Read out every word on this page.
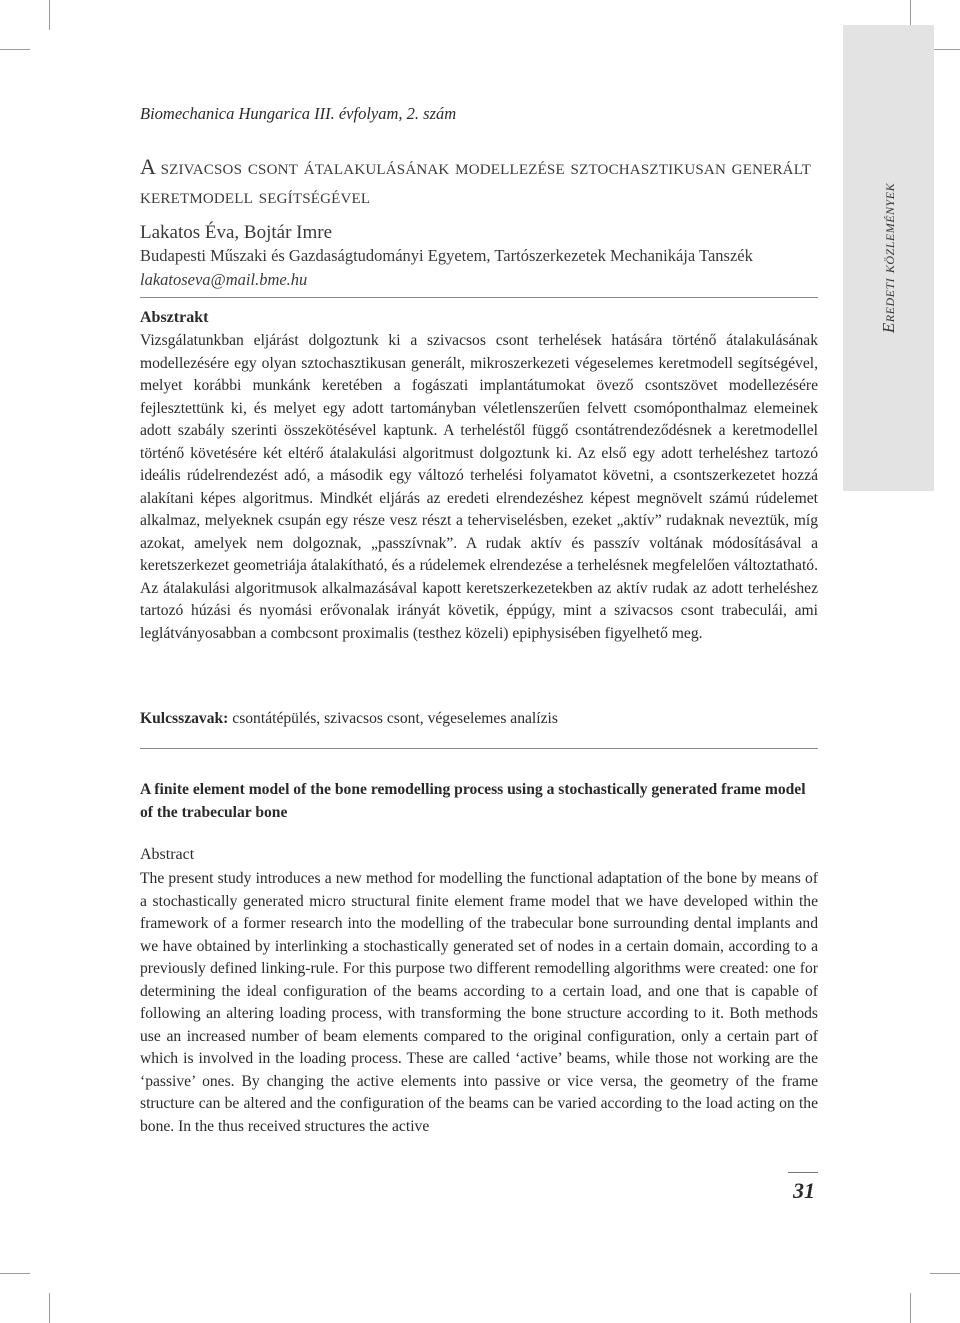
Eredeti közlemények
Biomechanica Hungarica III. évfolyam, 2. szám
A szivacsos csont átalakulásának modellezése sztochasztikusan generált keretmodell segítségével
Lakatos Éva, Bojtár Imre
Budapesti Műszaki és Gazdaságtudományi Egyetem, Tartószerkezetek Mechanikája Tanszék
lakatoseva@mail.bme.hu
Absztrakt

Vizsgálatunkban eljárást dolgoztunk ki a szivacsos csont terhelések hatására történő átalakulásának modellezésére egy olyan sztochasztikusan generált, mikroszerkezeti végeselemes keretmodell segítségével, melyet korábbi munkánk keretében a fogászati implantátumokat övező csontszövet modellezésére fejlesztettünk ki, és melyet egy adott tartományban véletlenszerűen felvett csomóponthalmaz elemeinek adott szabály szerinti összekötésével kaptunk. A terheléstől függő csontátrendeződésnek a keretmodellel történő követésére két eltérő átalakulási algoritmust dolgoztunk ki. Az első egy adott terheléshez tartozó ideális rúdelrendezést adó, a második egy változó terhelési folyamatot követni, a csontszerkezetet hozzá alakítani képes algoritmus. Mindkét eljárás az eredeti elrendezéshez képest megnövelt számú rúdelemet alkalmaz, melyeknek csupán egy része vesz részt a teherviselésben, ezeket „aktív” rudaknak neveztük, míg azokat, amelyek nem dolgoznak, „passzívnak”. A rudak aktív és passzív voltának módosításával a keretszerkezet geometriája átalakítható, és a rúdelemek elrendezése a terhelésnek megfelelően változtatható. Az átalakulási algoritmusok alkalmazásával kapott keretszerkezetekben az aktív rudak az adott terheléshez tartozó húzási és nyomási erővonalak irányát követik, éppúgy, mint a szivacsos csont trabeculái, ami leglátványosabban a combcsont proximalis (testhez közeli) epiphysisében figyelhető meg.

Kulcsszavak: csontátépülés, szivacsos csont, végeselemes analízis
A finite element model of the bone remodelling process using a stochastically generated frame model of the trabecular bone
Abstract

The present study introduces a new method for modelling the functional adaptation of the bone by means of a stochastically generated micro structural finite element frame model that we have developed within the framework of a former research into the modelling of the trabecular bone surrounding dental implants and we have obtained by interlinking a stochastically generated set of nodes in a certain domain, according to a previously defined linking-rule. For this purpose two different remodelling algorithms were created: one for determining the ideal configuration of the beams according to a certain load, and one that is capable of following an altering loading process, with transforming the bone structure according to it. Both methods use an increased number of beam elements compared to the original configuration, only a certain part of which is involved in the loading process. These are called ‘active’ beams, while those not working are the ‘passive’ ones. By changing the active elements into passive or vice versa, the geometry of the frame structure can be altered and the configuration of the beams can be varied according to the load acting on the bone. In the thus received structures the active

31
